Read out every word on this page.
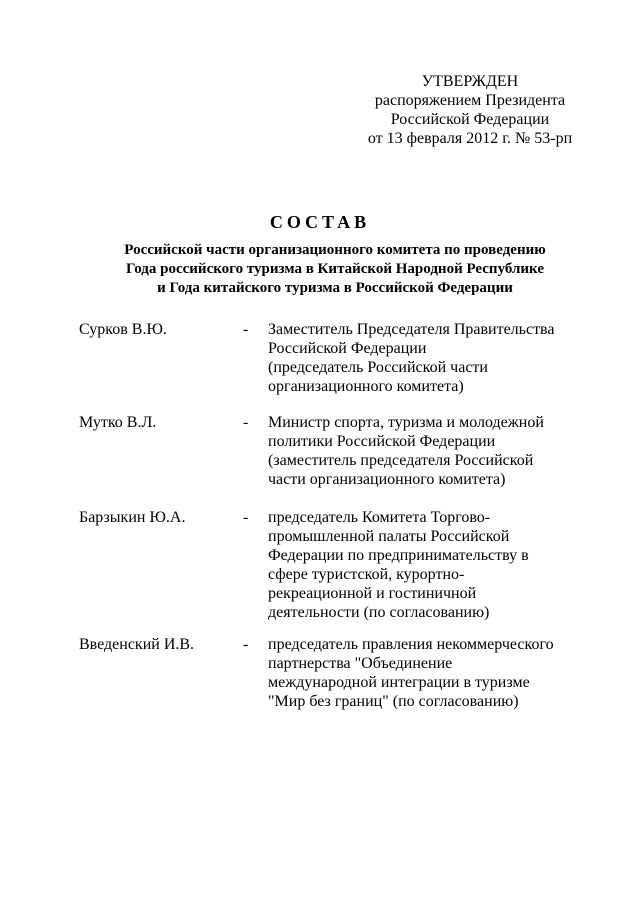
УТВЕРЖДЕН
распоряжением Президента
Российской Федерации
от 13 февраля 2012 г. № 53-рп
СОСТАВ
Российской части организационного комитета по проведению
Года российского туризма в Китайской Народной Республике
и Года китайского туризма в Российской Федерации
Сурков В.Ю.	- Заместитель Председателя Правительства
Российской Федерации
(председатель Российской части
организационного комитета)
Мутко В.Л.	- Министр спорта, туризма и молодежной
политики Российской Федерации
(заместитель председателя Российской
части организационного комитета)
Барзыкин Ю.А.	- председатель Комитета Торгово-
промышленной палаты Российской
Федерации по предпринимательству в
сфере туристской, курортно-
рекреационной и гостиничной
деятельности (по согласованию)
Введенский И.В.	- председатель правления некоммерческого
партнерства "Объединение
международной интеграции в туризме
"Мир без границ" (по согласованию)
